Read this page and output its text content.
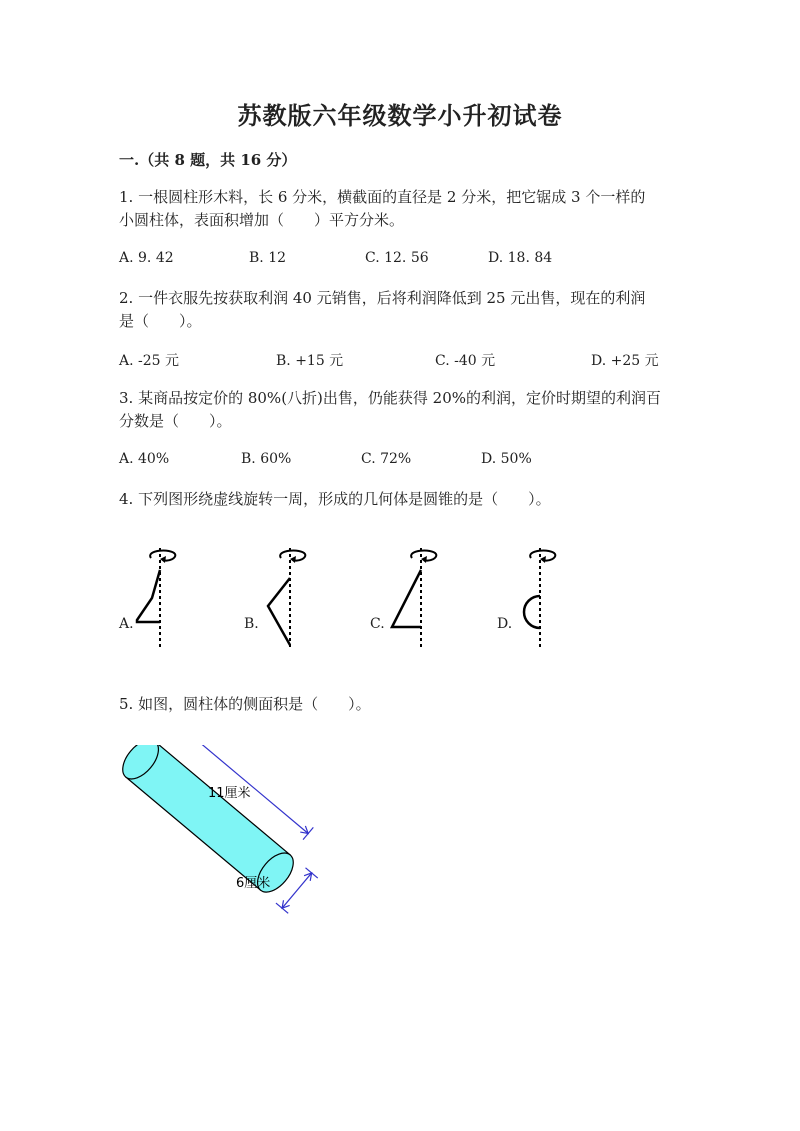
苏教版六年级数学小升初试卷
一.（共 8 题，共 16 分）
1. 一根圆柱形木料，长 6 分米，横截面的直径是 2 分米，把它锯成 3 个一样的
小圆柱体，表面积增加（　　）平方分米。
A. 9. 42	B. 12	C. 12. 56	D. 18. 84
2. 一件衣服先按获取利润 40 元销售，后将利润降低到 25 元出售，现在的利润
是（　　）。
A. -25 元	B. +15 元	C. -40 元	D. +25 元
3. 某商品按定价的 80%(八折)出售，仍能获得 20%的利润，定价时期望的利润百
分数是（　　）。
A. 40%	B. 60%	C. 72%	D. 50%
4. 下列图形绕虚线旋转一周，形成的几何体是圆锥的是（　　）。
A.	B.	C.	D.
5. 如图，圆柱体的侧面积是（　　）。
11厘米
6厘米
